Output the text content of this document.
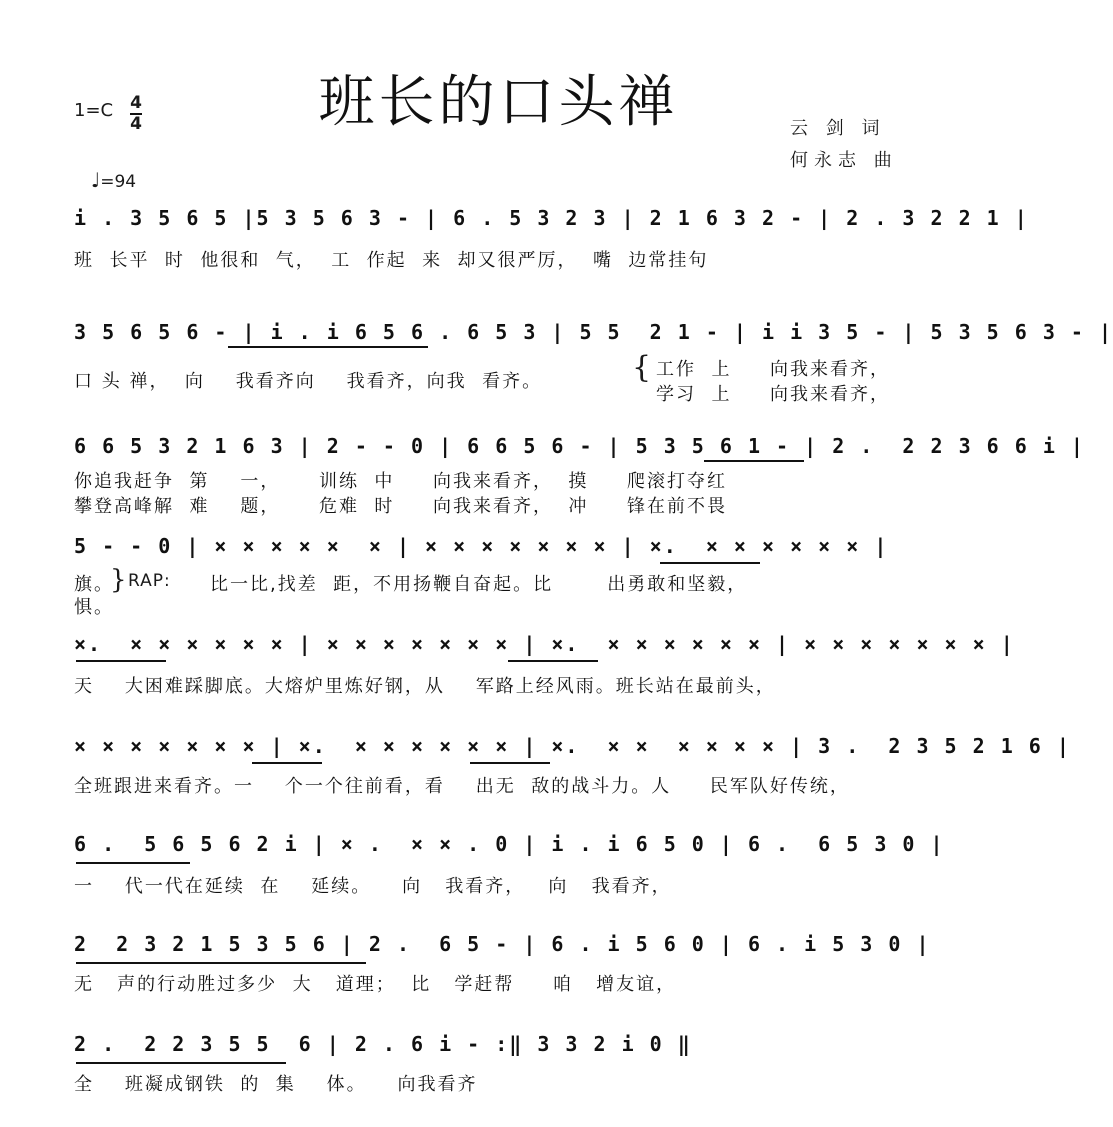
班长的口头禅
1=C 4
4

♩=94

云 剑 词
何永志 曲
i . 3 5 6 5 |5 3 5 6 3 - | 6 . 5 3 2 3 | 2 1 6 3 2 - | 2 . 3 2 2 1 |
班  长平  时  他很和  气，  工  作起  来  却又很严厉，  嘴  边常挂句
3 5 6 5 6 - | i . i 6 5 6 . 6 5 3 | 5 5  2 1 - | i i 3 5 - | 5 3 5 6 3 - |
口 头 禅，  向    我看齐向    我看齐，向我  看齐。	{ 工作  上     向我来看齐，
学习  上     向我来看齐，
6 6 5 3 2 1 6 3 | 2 - - 0 | 6 6 5 6 - | 5 3 5 6 1 - | 2 .  2 2 3 6 6 i |
你追我赶争  第    一，     训练  中     向我来看齐，  摸     爬滚打夺红
攀登高峰解  难    题，     危难  时     向我来看齐，  冲     锋在前不畏
5 - - 0 | × × × × ×  × | × × × × × × × | ×.  × × × × × × |
旗。
惧。
} RAP: 比一比,找差  距，不用扬鞭自奋起。比       出勇敢和坚毅，
×.  × × × × × × | × × × × × × × | ×.  × × × × × × | × × × × × × × |
天    大困难踩脚底。大熔炉里炼好钢，从    军路上经风雨。班长站在最前头，
× × × × × × × | ×.  × × × × × × | ×.  × ×  × × × × | 3 .  2 3 5 2 1 6 |
全班跟进来看齐。一    个一个往前看，看    出无  敌的战斗力。人     民军队好传统，
6 .  5 6 5 6 2 i | × .  × × . 0 | i . i 6 5 0 | 6 .  6 5 3 0 |
一    代一代在延续  在    延续。    向   我看齐，   向   我看齐，
2  2 3 2 1 5 3 5 6 | 2 .  6 5 - | 6 . i 5 6 0 | 6 . i 5 3 0 |
无   声的行动胜过多少  大   道理；  比   学赶帮     咱   增友谊，
2 .  2 2 3 5 5  6 | 2 . 6 i - :‖ 3 3 2 i 0 ‖
全    班凝成钢铁  的  集    体。    向我看齐
